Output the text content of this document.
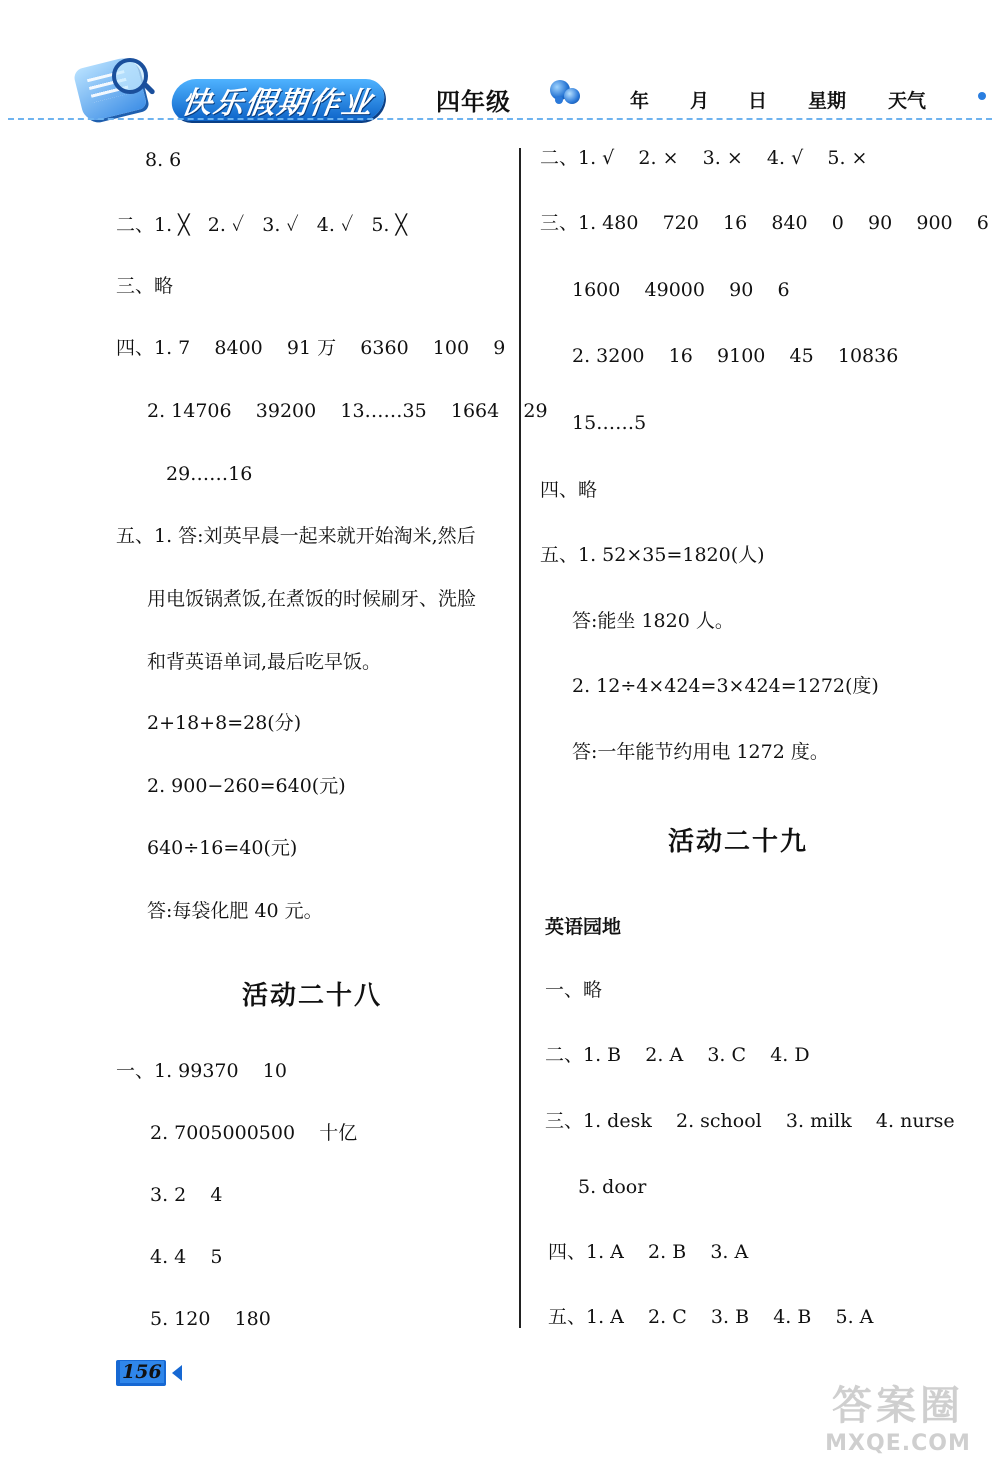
快乐假期作业	四年级	年 月 日 星期 天气
8. 6
二、1. ╳   2. ✓   3. ✓   4. ✓   5. ╳
三、略
四、1. 7    8400    91 万    6360    100    9
2. 14706    39200    13……35    1664    29
29……16
五、1. 答:刘英早晨一起来就开始淘米,然后
用电饭锅煮饭,在煮饭的时候刷牙、洗脸
和背英语单词,最后吃早饭。
2+18+8=28(分)
2. 900−260=640(元)
640÷16=40(元)
答:每袋化肥 40 元。
活动二十八
一、1. 99370    10
2. 7005000500    十亿
3. 2    4
4. 4    5
5. 120    180
二、1. √    2. ×    3. ×    4. √    5. ×
三、1. 480    720    16    840    0    90    900    6
1600    49000    90    6
2. 3200    16    9100    45    10836
15……5
四、略
五、1. 52×35=1820(人)
答:能坐 1820 人。
2. 12÷4×424=3×424=1272(度)
答:一年能节约用电 1272 度。
活动二十九
英语园地
一、略
二、1. B    2. A    3. C    4. D
三、1. desk    2. school    3. milk    4. nurse
5. door
四、1. A    2. B    3. A
五、1. A    2. C    3. B    4. B    5. A
156
答案圈
MXQE.COM
